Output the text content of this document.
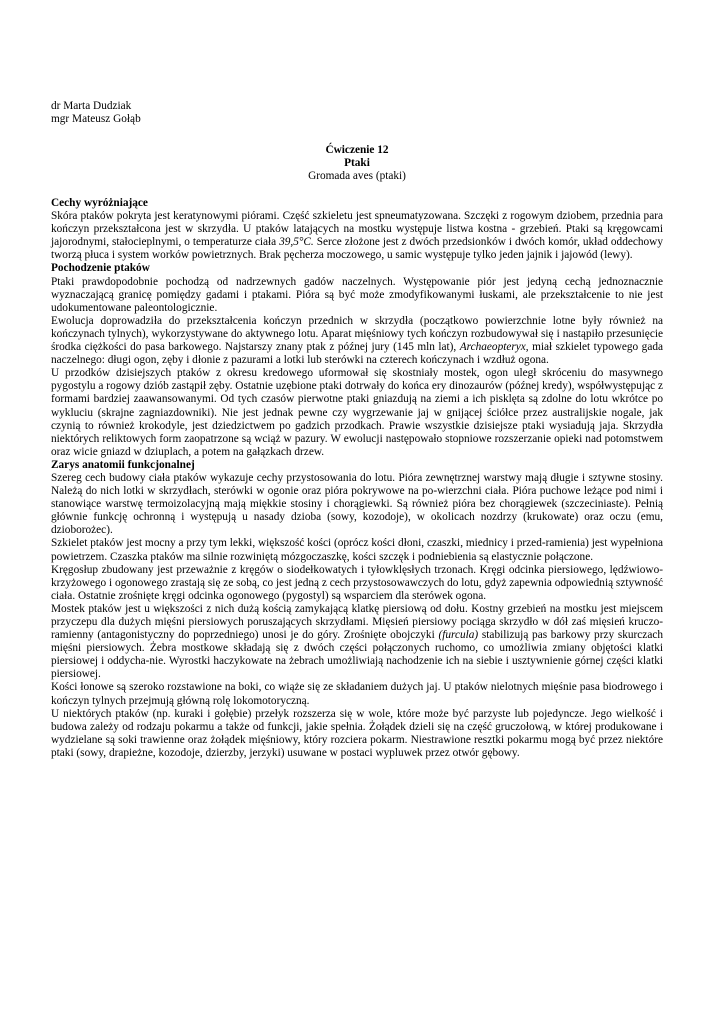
dr Marta Dudziak
mgr Mateusz Gołąb
Ćwiczenie 12
Ptaki
Gromada aves (ptaki)
Cechy wyróżniające

Skóra ptaków pokryta jest keratynowymi piórami. Część szkieletu jest spneumatyzowana. Szczęki z rogowym dziobem, przednia para kończyn przekształcona jest w skrzydła. U ptaków latających na mostku występuje listwa kostna - grzebień. Ptaki są kręgowcami jajorodnymi, stałocieplnymi, o temperaturze ciała 39,5°C. Serce złożone jest z dwóch przedsionków i dwóch komór, układ oddechowy tworzą płuca i system worków powietrznych. Brak pęcherza moczowego, u samic występuje tylko jeden jajnik i jajowód (lewy).

Pochodzenie ptaków

Ptaki prawdopodobnie pochodzą od nadrzewnych gadów naczelnych. Występowanie piór jest jedyną cechą jednoznacznie wyznaczającą granicę pomiędzy gadami i ptakami. Pióra są być może zmodyfikowanymi łuskami, ale przekształcenie to nie jest udokumentowane paleontologicznie.

Ewolucja doprowadziła do przekształcenia kończyn przednich w skrzydła (początkowo powierzchnie lotne były również na kończynach tylnych), wykorzystywane do aktywnego lotu. Aparat mięśniowy tych kończyn rozbudowywał się i nastąpiło przesunięcie środka ciężkości do pasa barkowego. Najstarszy znany ptak z późnej jury (145 mln lat), Archaeopteryx, miał szkielet typowego gada naczelnego: długi ogon, zęby i dłonie z pazurami a lotki lub sterówki na czterech kończynach i wzdłuż ogona.

U przodków dzisiejszych ptaków z okresu kredowego uformował się skostniały mostek, ogon uległ skróceniu do masywnego pygostylu a rogowy dziób zastąpił zęby. Ostatnie uzębione ptaki dotrwały do końca ery dinozaurów (późnej kredy), współwystępując z formami bardziej zaawansowanymi. Od tych czasów pierwotne ptaki gniazdują na ziemi a ich pisklęta są zdolne do lotu wkrótce po wykluciu (skrajne zagniazdowniki). Nie jest jednak pewne czy wygrzewanie jaj w gnijącej ściółce przez australijskie nogale, jak czynią to również krokodyle, jest dziedzictwem po gadzich przodkach. Prawie wszystkie dzisiejsze ptaki wysiadują jaja. Skrzydła niektórych reliktowych form zaopatrzone są wciąż w pazury. W ewolucji następowało stopniowe rozszerzanie opieki nad potomstwem oraz wicie gniazd w dziuplach, a potem na gałązkach drzew.

Zarys anatomii funkcjonalnej

Szereg cech budowy ciała ptaków wykazuje cechy przystosowania do lotu. Pióra zewnętrznej warstwy mają długie i sztywne stosiny. Należą do nich lotki w skrzydłach, sterówki w ogonie oraz pióra pokrywowe na po-wierzchni ciała. Pióra puchowe leżące pod nimi i stanowiące warstwę termoizolacyjną mają miękkie stosiny i chorągiewki. Są również pióra bez chorągiewek (szczeciniaste). Pełnią głównie funkcję ochronną i występują u nasady dzioba (sowy, kozodoje), w okolicach nozdrzy (krukowate) oraz oczu (emu, dzioborożec).

Szkielet ptaków jest mocny a przy tym lekki, większość kości (oprócz kości dłoni, czaszki, miednicy i przed-ramienia) jest wypełniona powietrzem. Czaszka ptaków ma silnie rozwiniętą mózgoczaszkę, kości szczęk i podniebienia są elastycznie połączone.

Kręgosłup zbudowany jest przeważnie z kręgów o siodełkowatych i tyłowklęsłych trzonach. Kręgi odcinka piersiowego, lędźwiowo-krzyżowego i ogonowego zrastają się ze sobą, co jest jedną z cech przystosowawczych do lotu, gdyż zapewnia odpowiednią sztywność ciała. Ostatnie zrośnięte kręgi odcinka ogonowego (pygostyl) są wsparciem dla sterówek ogona.

Mostek ptaków jest u większości z nich dużą kością zamykającą klatkę piersiową od dołu. Kostny grzebień na mostku jest miejscem przyczepu dla dużych mięśni piersiowych poruszających skrzydłami. Mięsień piersiowy pociąga skrzydło w dół zaś mięsień kruczo-ramienny (antagonistyczny do poprzedniego) unosi je do góry. Zrośnięte obojczyki (furcula) stabilizują pas barkowy przy skurczach mięśni piersiowych. Żebra mostkowe składają się z dwóch części połączonych ruchomo, co umożliwia zmiany objętości klatki piersiowej i oddycha-nie. Wyrostki haczykowate na żebrach umożliwiają nachodzenie ich na siebie i usztywnienie górnej części klatki piersiowej.

Kości łonowe są szeroko rozstawione na boki, co wiąże się ze składaniem dużych jaj. U ptaków nielotnych mięśnie pasa biodrowego i kończyn tylnych przejmują główną rolę lokomotoryczną.

U niektórych ptaków (np. kuraki i gołębie) przełyk rozszerza się w wole, które może być parzyste lub pojedyncze. Jego wielkość i budowa zależy od rodzaju pokarmu a także od funkcji, jakie spełnia. Żołądek dzieli się na część gruczołową, w której produkowane i wydzielane są soki trawienne oraz żołądek mięśniowy, który rozciera pokarm. Niestrawione resztki pokarmu mogą być przez niektóre ptaki (sowy, drapieżne, kozodoje, dzierzby, jerzyki) usuwane w postaci wypluwek przez otwór gębowy.
